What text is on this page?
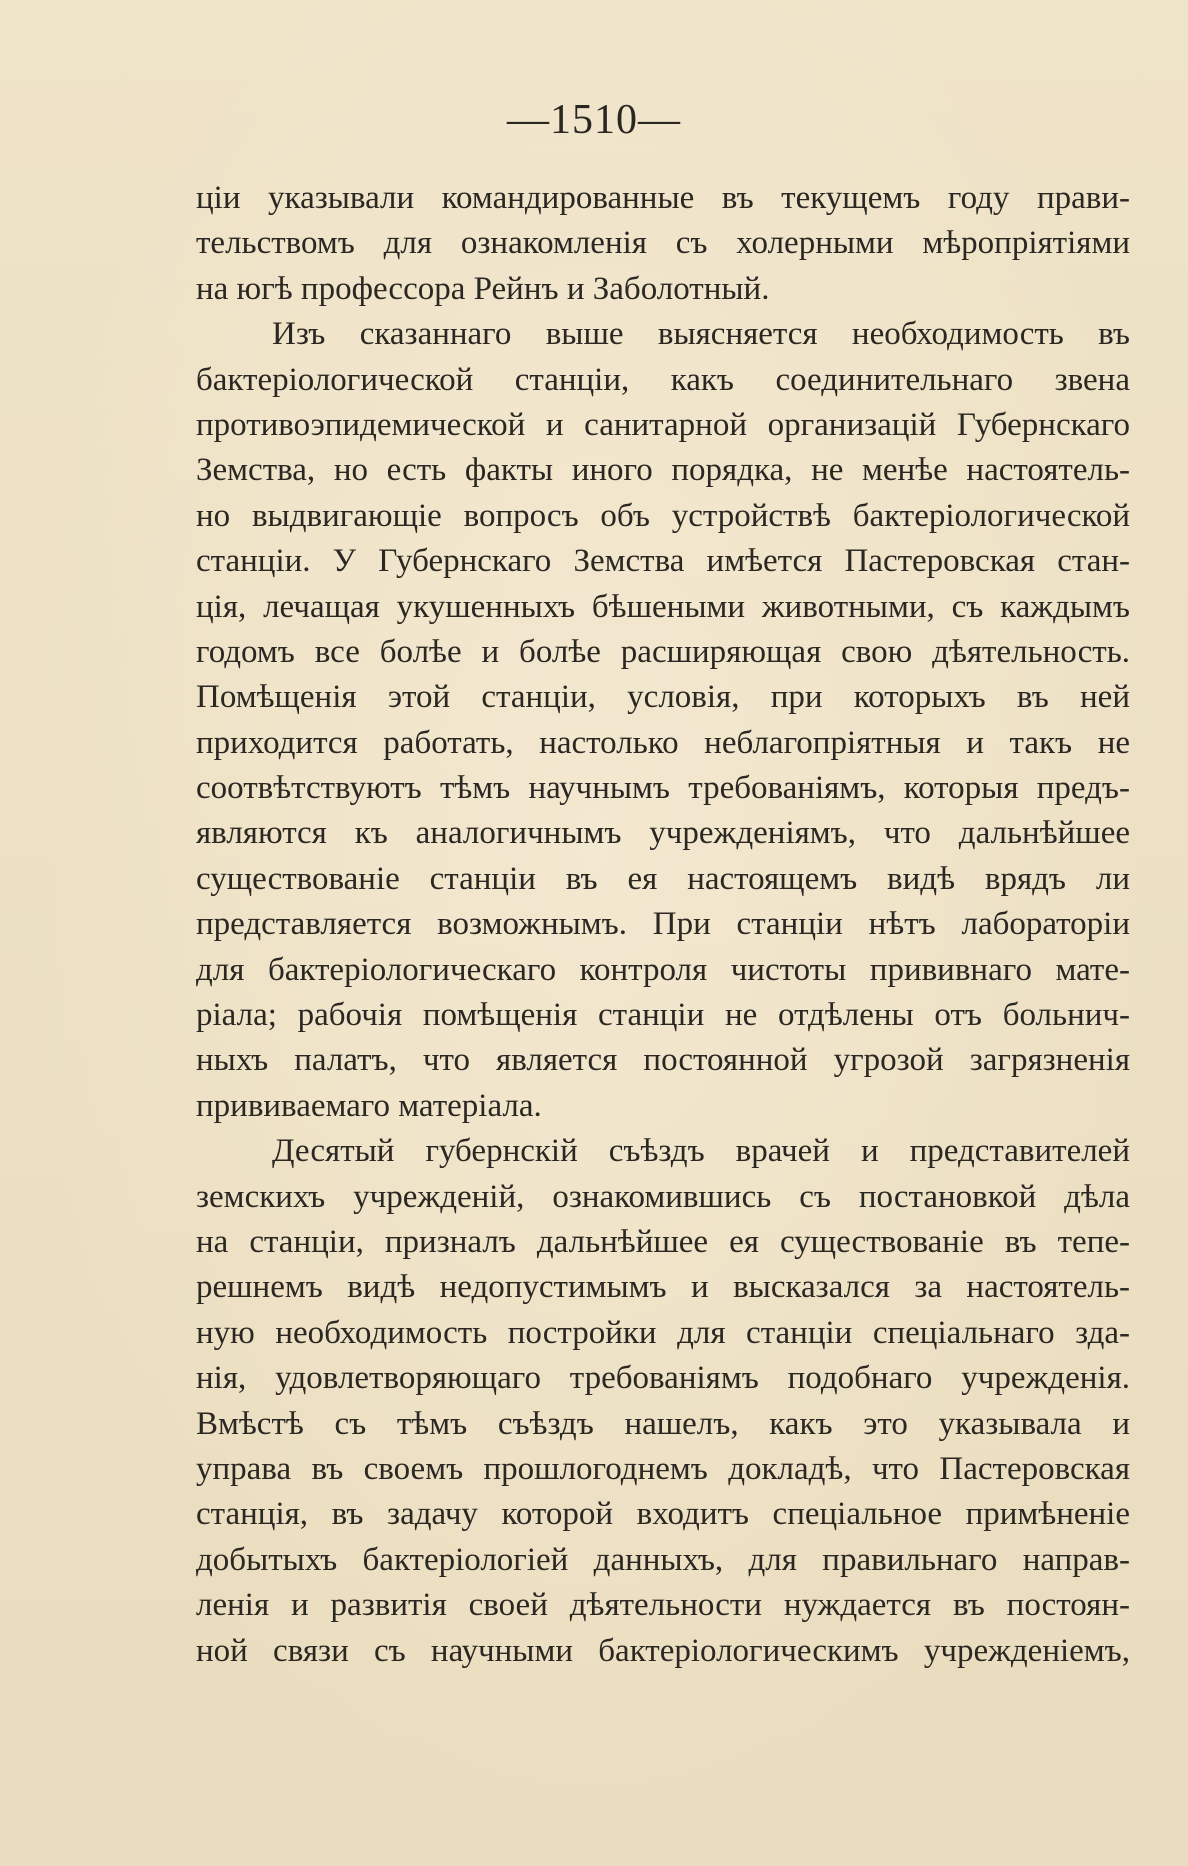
—1510—
ціи указывали командированные въ текущемъ году прави-
тельствомъ для ознакомленія съ холерными мѣропріятіями
на югѣ профессора Рейнъ и Заболотный.
Изъ сказаннаго выше выясняется необходимость въ
бактеріологической станціи, какъ соединительнаго звена
противоэпидемической и санитарной организацій Губернскаго
Земства, но есть факты иного порядка, не менѣе настоятель-
но выдвигающіе вопросъ объ устройствѣ бактеріологической
станціи. У Губернскаго Земства имѣется Пастеровская стан-
ція, лечащая укушенныхъ бѣшеными животными, съ каждымъ
годомъ все болѣе и болѣе расширяющая свою дѣятельность.
Помѣщенія этой станціи, условія, при которыхъ въ ней
приходится работать, настолько неблагопріятныя и такъ не
соотвѣтствуютъ тѣмъ научнымъ требованіямъ, которыя предъ-
являются къ аналогичнымъ учрежденіямъ, что дальнѣйшее
существованіе станціи въ ея настоящемъ видѣ врядъ ли
представляется возможнымъ. При станціи нѣтъ лабораторіи
для бактеріологическаго контроля чистоты прививнаго мате-
ріала; рабочія помѣщенія станціи не отдѣлены отъ больнич-
ныхъ палатъ, что является постоянной угрозой загрязненія
прививаемаго матеріала.
Десятый губернскій съѣздъ врачей и представителей
земскихъ учрежденій, ознакомившись съ постановкой дѣла
на станціи, призналъ дальнѣйшее ея существованіе въ тепе-
решнемъ видѣ недопустимымъ и высказался за настоятель-
ную необходимость постройки для станціи спеціальнаго зда-
нія, удовлетворяющаго требованіямъ подобнаго учрежденія.
Вмѣстѣ съ тѣмъ съѣздъ нашелъ, какъ это указывала и
управа въ своемъ прошлогоднемъ докладѣ, что Пастеровская
станція, въ задачу которой входитъ спеціальное примѣненіе
добытыхъ бактеріологіей данныхъ, для правильнаго направ-
ленія и развитія своей дѣятельности нуждается въ постоян-
ной связи съ научными бактеріологическимъ учрежденіемъ,
